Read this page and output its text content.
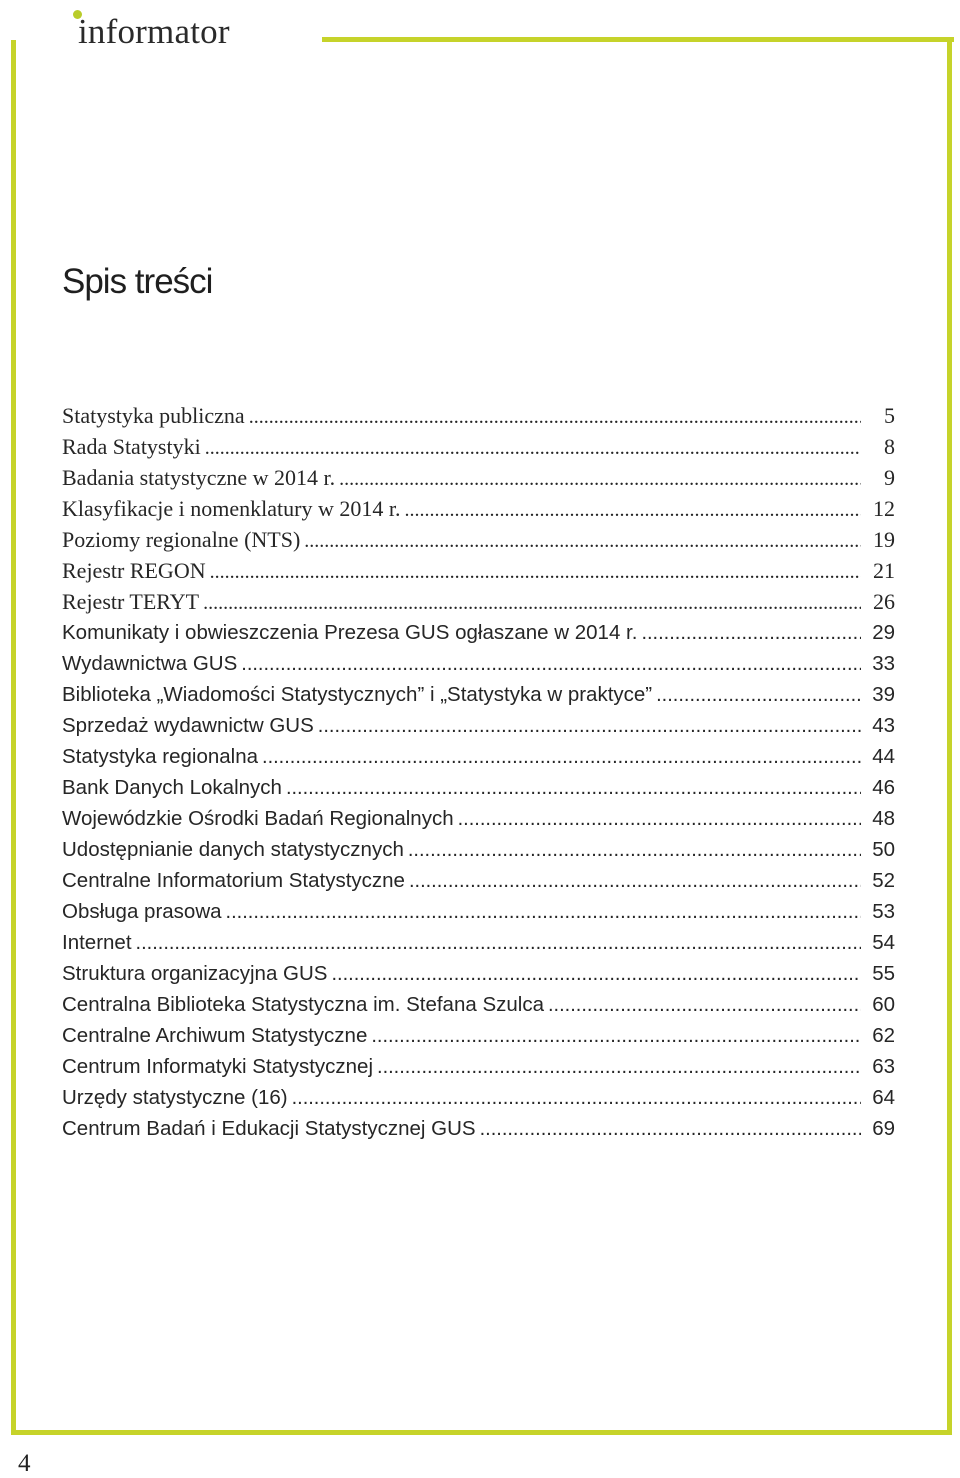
informator
Spis treści
Statystyka publiczna .....	5
Rada Statystyki .....	8
Badania statystyczne w 2014 r. .....	9
Klasyfikacje i nomenklatury w 2014 r. .....	12
Poziomy regionalne (NTS) .....	19
Rejestr REGON .....	21
Rejestr TERYT .....	26
Komunikaty i obwieszczenia Prezesa GUS ogłaszane w 2014 r. .....	29
Wydawnictwa GUS .....	33
Biblioteka „Wiadomości Statystycznych” i „Statystyka w praktyce” .....	39
Sprzedaż wydawnictw GUS .....	43
Statystyka regionalna .....	44
Bank Danych Lokalnych .....	46
Wojewódzkie Ośrodki Badań Regionalnych .....	48
Udostępnianie danych statystycznych .....	50
Centralne Informatorium Statystyczne .....	52
Obsługa prasowa .....	53
Internet .....	54
Struktura organizacyjna GUS .....	55
Centralna Biblioteka Statystyczna im. Stefana Szulca .....	60
Centralne Archiwum Statystyczne .....	62
Centrum Informatyki Statystycznej .....	63
Urzędy statystyczne (16) .....	64
Centrum Badań i Edukacji Statystycznej GUS .....	69
4
